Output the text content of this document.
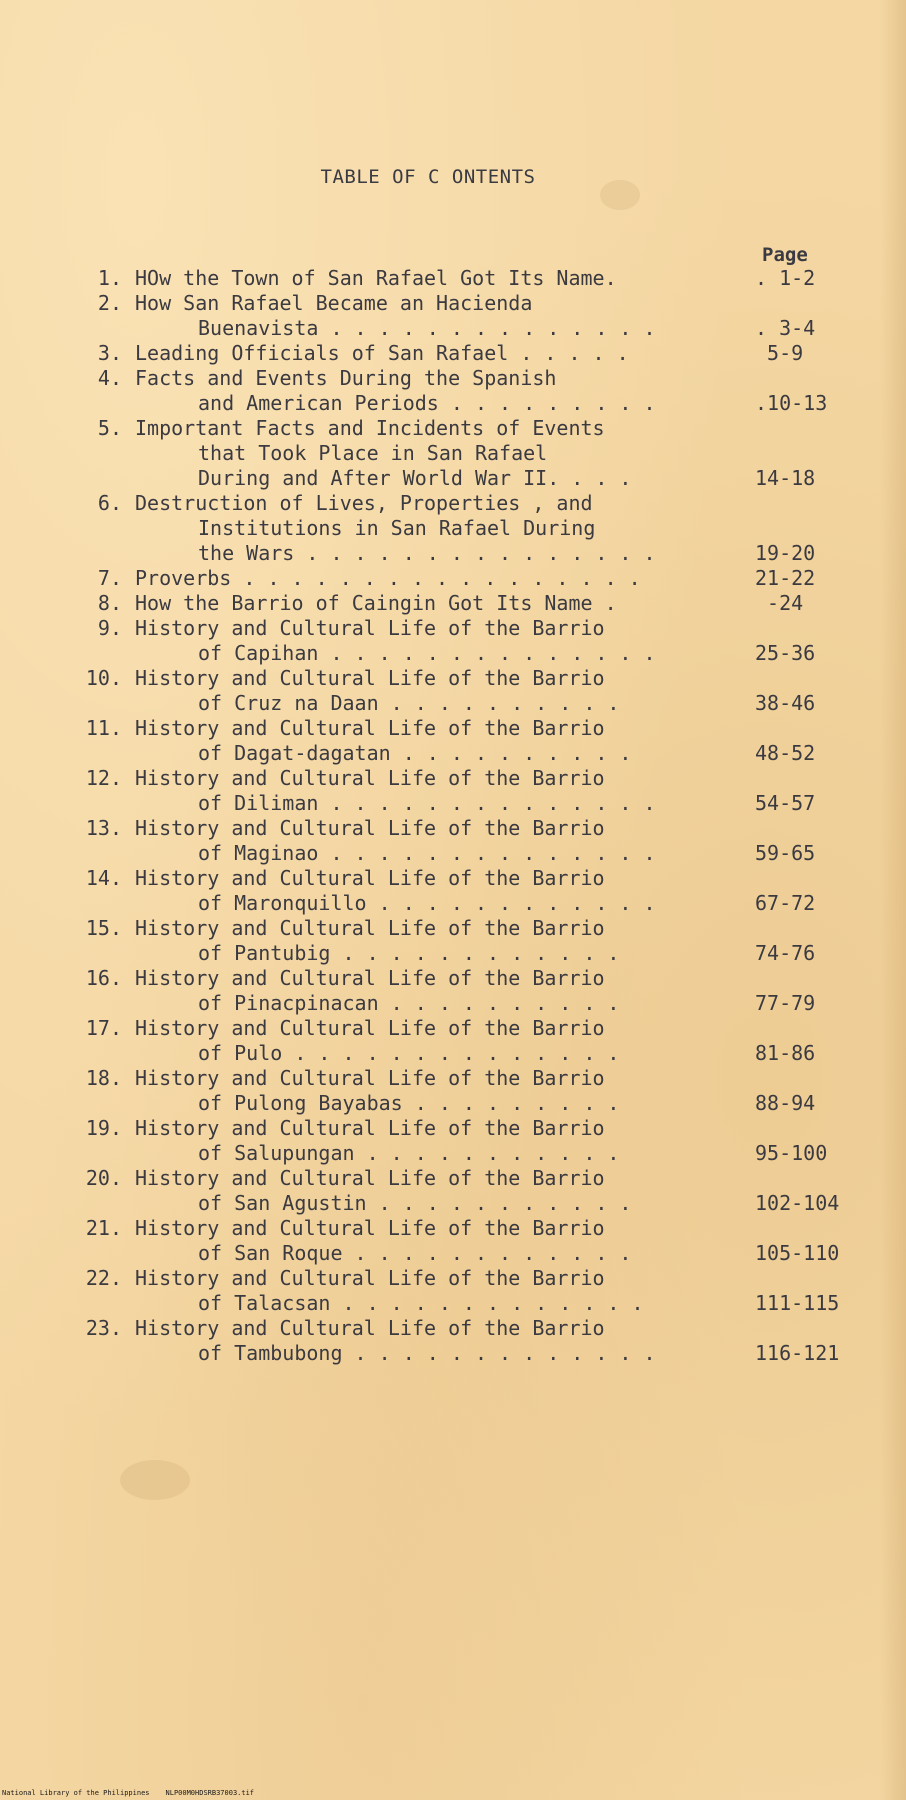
TABLE OF C ONTENTS
Page
1. HOw the Town of San Rafael Got Its Name.	. 1-2
2. How San Rafael Became an Hacienda
Buenavista . . . . . . . . . . . . . .	. 3-4
3. Leading Officials of San Rafael . . . . .	5-9
4. Facts and Events During the Spanish
and American Periods . . . . . . . . .	.10-13
5. Important Facts and Incidents of Events
that Took Place in San Rafael
During and After World War II. . . .	14-18
6. Destruction of Lives, Properties , and
Institutions in San Rafael During
the Wars . . . . . . . . . . . . . . .	19-20
7. Proverbs . . . . . . . . . . . . . . . . .	21-22
8. How the Barrio of Caingin Got Its Name .	-24
9. History and Cultural Life of the Barrio
of Capihan . . . . . . . . . . . . . .	25-36
10. History and Cultural Life of the Barrio
of Cruz na Daan . . . . . . . . . .	38-46
11. History and Cultural Life of the Barrio
of Dagat-dagatan . . . . . . . . . .	48-52
12. History and Cultural Life of the Barrio
of Diliman . . . . . . . . . . . . . .	54-57
13. History and Cultural Life of the Barrio
of Maginao . . . . . . . . . . . . . .	59-65
14. History and Cultural Life of the Barrio
of Maronquillo . . . . . . . . . . . .	67-72
15. History and Cultural Life of the Barrio
of Pantubig . . . . . . . . . . . .	74-76
16. History and Cultural Life of the Barrio
of Pinacpinacan . . . . . . . . . .	77-79
17. History and Cultural Life of the Barrio
of Pulo . . . . . . . . . . . . . .	81-86
18. History and Cultural Life of the Barrio
of Pulong Bayabas . . . . . . . . .	88-94
19. History and Cultural Life of the Barrio
of Salupungan . . . . . . . . . . .	95-100
20. History and Cultural Life of the Barrio
of San Agustin . . . . . . . . . . .	102-104
21. History and Cultural Life of the Barrio
of San Roque . . . . . . . . . . . .	105-110
22. History and Cultural Life of the Barrio
of Talacsan . . . . . . . . . . . . .	111-115
23. History and Cultural Life of the Barrio
of Tambubong . . . . . . . . . . . . .	116-121
National Library of the Philippines NLP00M0HDSRB37003.tif
